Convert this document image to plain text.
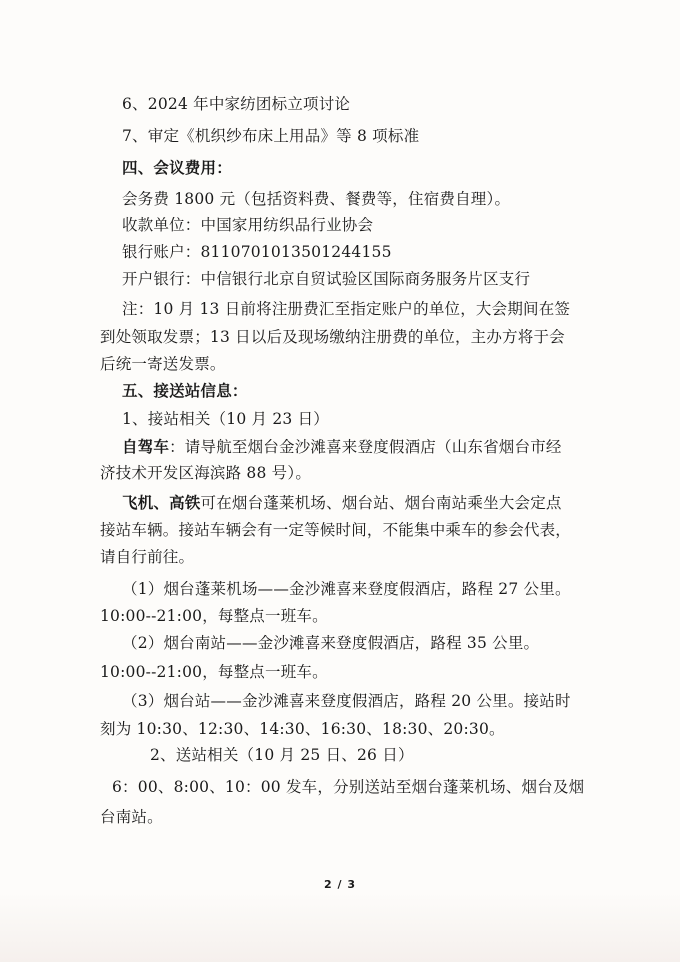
6、2024 年中家纺团标立项讨论
7、审定《机织纱布床上用品》等 8 项标准
四、会议费用：
会务费 1800 元（包括资料费、餐费等，住宿费自理）。
收款单位：中国家用纺织品行业协会
银行账户：8110701013501244155
开户银行：中信银行北京自贸试验区国际商务服务片区支行
注：10 月 13 日前将注册费汇至指定账户的单位，大会期间在签
到处领取发票；13 日以后及现场缴纳注册费的单位，主办方将于会
后统一寄送发票。
五、接送站信息：
1、接站相关（10 月 23 日）
自驾车：请导航至烟台金沙滩喜来登度假酒店（山东省烟台市经
济技术开发区海滨路 88 号）。
飞机、高铁可在烟台蓬莱机场、烟台站、烟台南站乘坐大会定点
接站车辆。接站车辆会有一定等候时间，不能集中乘车的参会代表，
请自行前往。
（1）烟台蓬莱机场——金沙滩喜来登度假酒店，路程 27 公里。
10:00--21:00，每整点一班车。
（2）烟台南站——金沙滩喜来登度假酒店，路程 35 公里。
10:00--21:00，每整点一班车。
（3）烟台站——金沙滩喜来登度假酒店，路程 20 公里。接站时
刻为 10:30、12:30、14:30、16:30、18:30、20:30。
2、送站相关（10 月 25 日、26 日）
6：00、8:00、10：00 发车，分别送站至烟台蓬莱机场、烟台及烟
台南站。
2 / 3
